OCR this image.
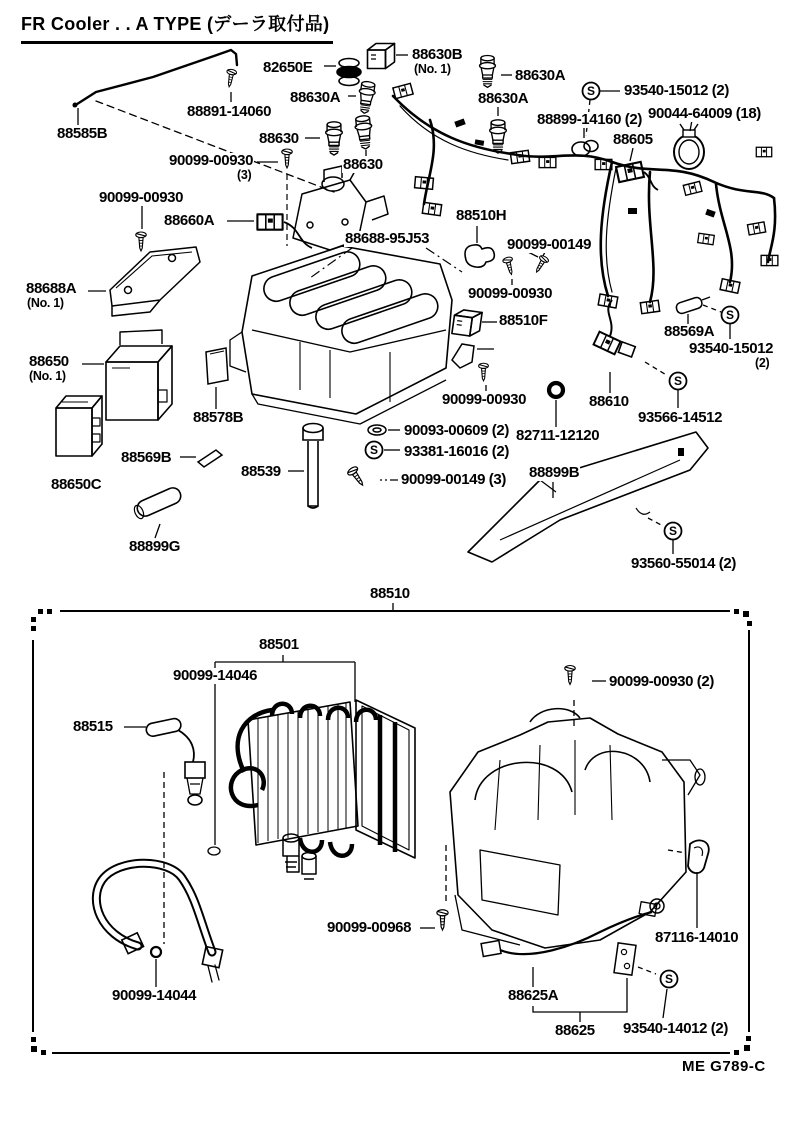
S
S
S
S
S
S
FR Cooler . . A TYPE (デーラ取付品)
82650E
88630B
(No. 1)	88630A
93540-15012 (2)
88630A	88630A
88899-14160 (2) 90044-64009 (18)
88891-14060
88605
88630
88585B
90099-00930
(3)
88630
90099-00930
88660A	88510H
88688-95J53	90099-00149
88688A
(No. 1)
90099-00930
88510F
88569A
93540-15012
(2)
88650
(No. 1)
88578B
90099-00930	88610
93566-14512
90093-00609 (2) 82711-12120
93381-16016 (2)
88569B
88539	90099-00149 (3) 88899B
88650C
88899G
93560-55014 (2)
88510
88501
90099-14046	90099-00930 (2)
88515
90099-00968
87116-14010
88625A
90099-14044
88625 93540-14012 (2)
ME G789-C
